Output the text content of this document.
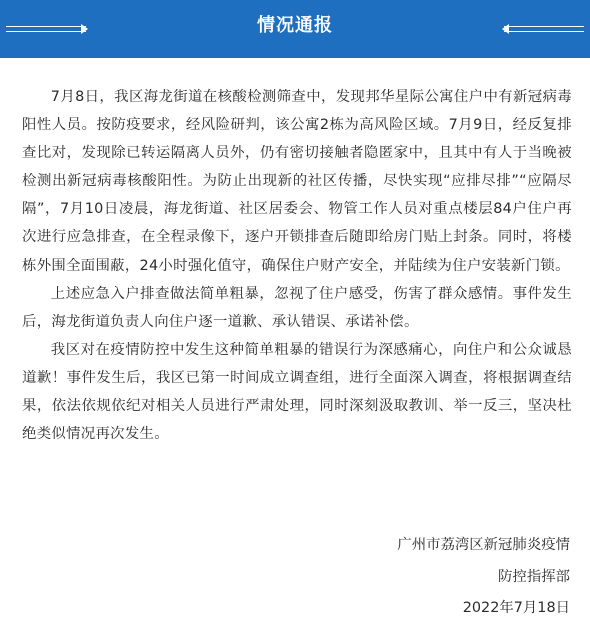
情况通报

7月8日，我区海龙街道在核酸检测筛查中，发现邦华星际公寓住户中有新冠病毒阳性人员。按防疫要求，经风险研判，该公寓2栋为高风险区域。7月9日，经反复排查比对，发现除已转运隔离人员外，仍有密切接触者隐匿家中，且其中有人于当晚被检测出新冠病毒核酸阳性。为防止出现新的社区传播，尽快实现“应排尽排”“应隔尽隔”，7月10日凌晨，海龙街道、社区居委会、物管工作人员对重点楼层84户住户再次进行应急排查，在全程录像下，逐户开锁排查后随即给房门贴上封条。同时，将楼栋外围全面围蔽，24小时强化值守，确保住户财产安全，并陆续为住户安装新门锁。

上述应急入户排查做法简单粗暴，忽视了住户感受，伤害了群众感情。事件发生后，海龙街道负责人向住户逐一道歉、承认错误、承诺补偿。

我区对在疫情防控中发生这种简单粗暴的错误行为深感痛心，向住户和公众诚恳道歉！事件发生后，我区已第一时间成立调查组，进行全面深入调查，将根据调查结果，依法依规依纪对相关人员进行严肃处理，同时深刻汲取教训、举一反三，坚决杜绝类似情况再次发生。

广州市荔湾区新冠肺炎疫情
防控指挥部
2022年7月18日
